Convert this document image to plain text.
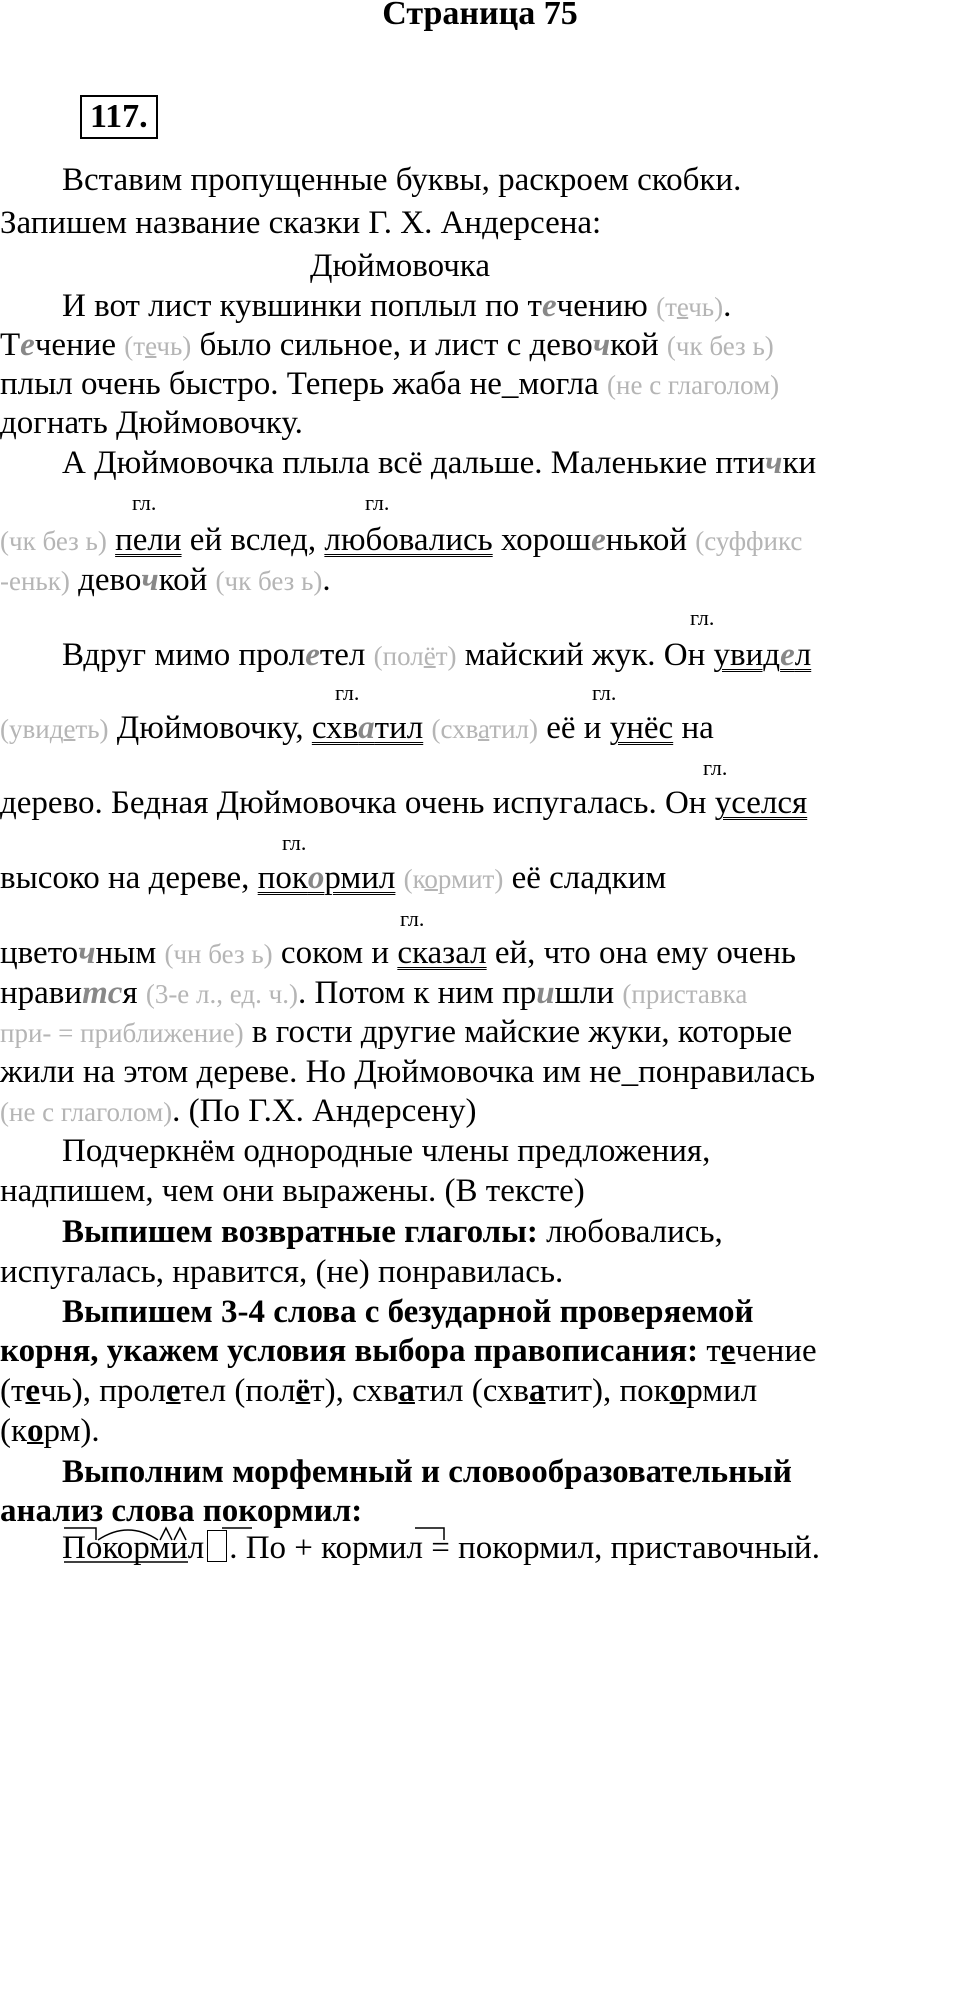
Страница 75
117.
Вставим пропущенные буквы, раскроем скобки.
Запишем название сказки Г. Х. Андерсена:
Дюймовочка
И вот лист кувшинки поплыл по течению (течь).
Течение (течь) было сильное, и лист с девочкой (чк без ь)
плыл очень быстро. Теперь жаба не_могла (не с глаголом)
догнать Дюймовочку.
А Дюймовочка плыла всё дальше. Маленькие птички
гл.	гл.
(чк без ь) пели ей вслед, любовались хорошенькой (суффикс
-еньк) девочкой (чк без ь).
гл.
Вдруг мимо пролетел (полёт) майский жук. Он увидел
гл.	гл.
(увидеть) Дюймовочку, схватил (схватил) её и унёс на
гл.
дерево. Бедная Дюймовочка очень испугалась. Он уселся
гл.
высоко на дереве, покормил (кормит) её сладким
гл.
цветочным (чн без ь) соком и сказал ей, что она ему очень
нравится (3-е л., ед. ч.). Потом к ним пришли (приставка
при- = приближение) в гости другие майские жуки, которые
жили на этом дереве. Но Дюймовочка им не_понравилась
(не с глаголом). (По Г.Х. Андерсену)
Подчеркнём однородные члены предложения,
надпишем, чем они выражены. (В тексте)
Выпишем возвратные глаголы: любовались,
испугалась, нравится, (не) понравилась.
Выпишем 3-4 слова с безударной проверяемой
корня, укажем условия выбора правописания: течение
(течь), пролетел (полёт), схватил (схватит), покормил
(корм).
Выполним морфемный и словообразовательный
анализ слова покормил:
Покормил . По + кормил = покормил, приставочный.
